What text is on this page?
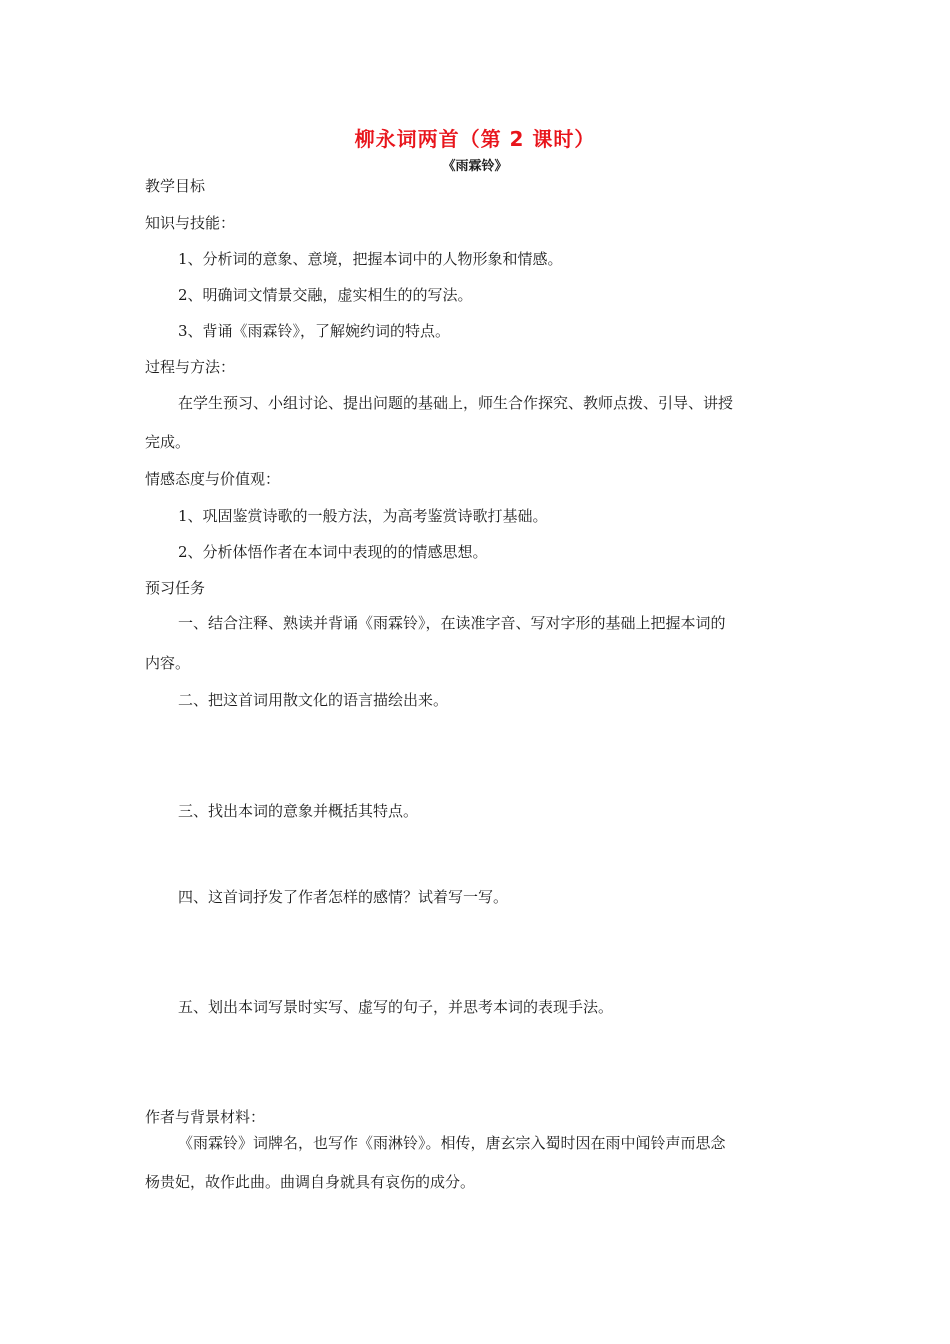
柳永词两首（第 2 课时）
《雨霖铃》
教学目标
知识与技能：
1、分析词的意象、意境，把握本词中的人物形象和情感。
2、明确词文情景交融，虚实相生的的写法。
3、背诵《雨霖铃》，了解婉约词的特点。
过程与方法：
在学生预习、小组讨论、提出问题的基础上，师生合作探究、教师点拨、引导、讲授
完成。
情感态度与价值观：
1、巩固鉴赏诗歌的一般方法，为高考鉴赏诗歌打基础。
2、分析体悟作者在本词中表现的的情感思想。
预习任务
一、结合注释、熟读并背诵《雨霖铃》，在读准字音、写对字形的基础上把握本词的
内容。
二、把这首词用散文化的语言描绘出来。
三、找出本词的意象并概括其特点。
四、这首词抒发了作者怎样的感情？试着写一写。
五、划出本词写景时实写、虚写的句子，并思考本词的表现手法。
作者与背景材料：
《雨霖铃》词牌名，也写作《雨淋铃》。相传，唐玄宗入蜀时因在雨中闻铃声而思念
杨贵妃，故作此曲。曲调自身就具有哀伤的成分。
